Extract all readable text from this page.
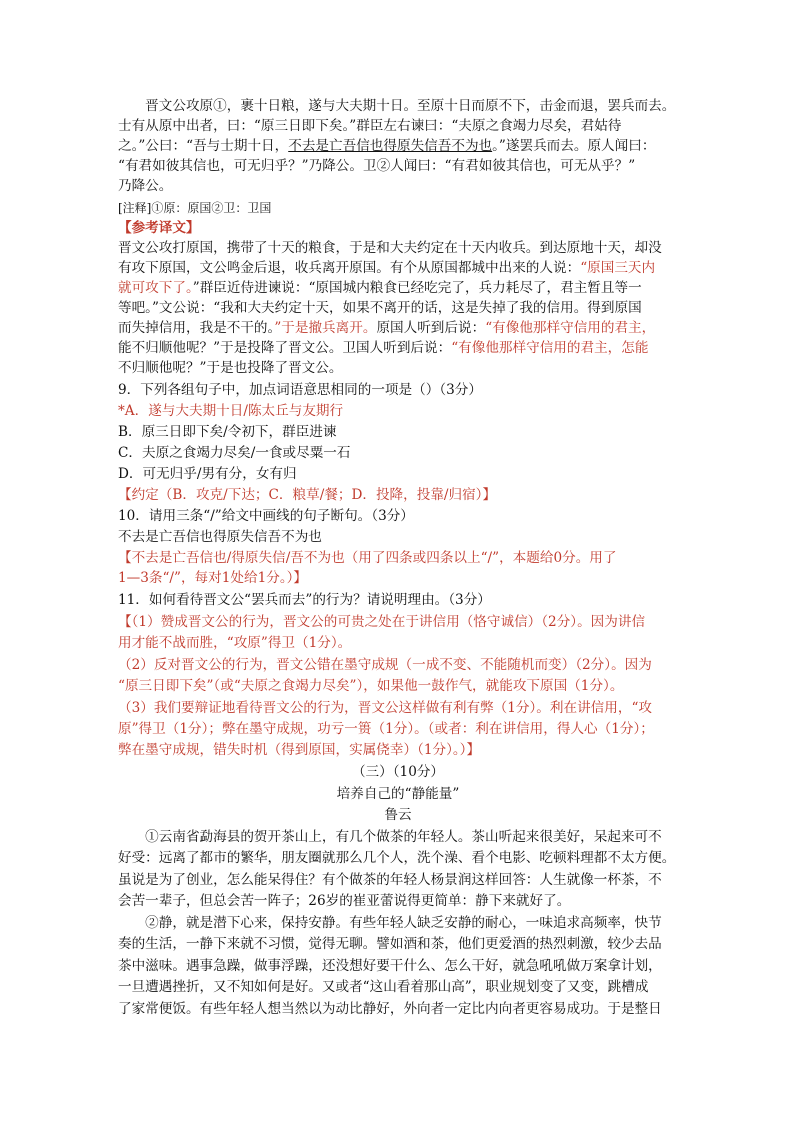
　　晋文公攻原①，裹十日粮，遂与大夫期十日。至原十日而原不下，击金而退，罢兵而去。
士有从原中出者，曰：“原三日即下矣。”群臣左右谏曰：“夫原之食竭力尽矣，君姑待
之。”公曰：“吾与士期十日，不去是亡吾信也得原失信吾不为也。”遂罢兵而去。原人闻曰：
“有君如彼其信也，可无归乎？”乃降公。卫②人闻曰：“有君如彼其信也，可无从乎？”
乃降公。
[注释]①原：原国②卫：卫国
【参考译文】
晋文公攻打原国，携带了十天的粮食，于是和大夫约定在十天内收兵。到达原地十天，却没
有攻下原国，文公鸣金后退，收兵离开原国。有个从原国都城中出来的人说：“原国三天内
就可攻下了。”群臣近侍进谏说：“原国城内粮食已经吃完了，兵力耗尽了，君主暂且等一
等吧。”文公说：“我和大夫约定十天，如果不离开的话，这是失掉了我的信用。得到原国
而失掉信用，我是不干的。”于是撤兵离开。原国人听到后说：“有像他那样守信用的君主，
能不归顺他呢？”于是投降了晋文公。卫国人听到后说：“有像他那样守信用的君主，怎能
不归顺他呢？”于是也投降了晋文公。
9．下列各组句子中，加点词语意思相同的一项是（）（3分）
*A．遂与大夫期十日/陈太丘与友期行
B．原三日即下矣/令初下，群臣进谏
C．夫原之食竭力尽矣/一食或尽粟一石
D．可无归乎/男有分，女有归
【约定（B．攻克/下达；C．粮草/餐；D．投降，投靠/归宿）】
10．请用三条“/”给文中画线的句子断句。（3分）
不去是亡吾信也得原失信吾不为也
【不去是亡吾信也/得原失信/吾不为也（用了四条或四条以上“/”，本题给0分。用了
1—3条“/”，每对1处给1分。）】
11．如何看待晋文公“罢兵而去”的行为？请说明理由。（3分）
【（1）赞成晋文公的行为，晋文公的可贵之处在于讲信用（恪守诚信）（2分）。因为讲信
用才能不战而胜，“攻原”得卫（1分）。
（2）反对晋文公的行为，晋文公错在墨守成规（一成不变、不能随机而变）（2分）。因为
“原三日即下矣”（或“夫原之食竭力尽矣”），如果他一鼓作气，就能攻下原国（1分）。
（3）我们要辩证地看待晋文公的行为，晋文公这样做有利有弊（1分）。利在讲信用，“攻
原”得卫（1分）；弊在墨守成规，功亏一篑（1分）。（或者：利在讲信用，得人心（1分）；
弊在墨守成规，错失时机（得到原国，实属侥幸）（1分）。）】
（三）（10分）
培养自己的“静能量”
鲁云
　　①云南省勐海县的贺开茶山上，有几个做茶的年轻人。茶山听起来很美好，呆起来可不
好受：远离了都市的繁华，朋友圈就那么几个人，洗个澡、看个电影、吃顿料理都不太方便。
虽说是为了创业，怎么能呆得住？有个做茶的年轻人杨景润这样回答：人生就像一杯茶，不
会苦一辈子，但总会苦一阵子；26岁的崔亚蕾说得更简单：静下来就好了。
　　②静，就是潜下心来，保持安静。有些年轻人缺乏安静的耐心，一味追求高频率，快节
奏的生活，一静下来就不习惯，觉得无聊。譬如酒和茶，他们更爱酒的热烈刺激，较少去品
茶中滋味。遇事急躁，做事浮躁，还没想好要干什么、怎么干好，就急吼吼做万案拿计划，
一旦遭遇挫折，又不知如何是好。又或者“这山看着那山高”，职业规划变了又变，跳槽成
了家常便饭。有些年轻人想当然以为动比静好，外向者一定比内向者更容易成功。于是整日
